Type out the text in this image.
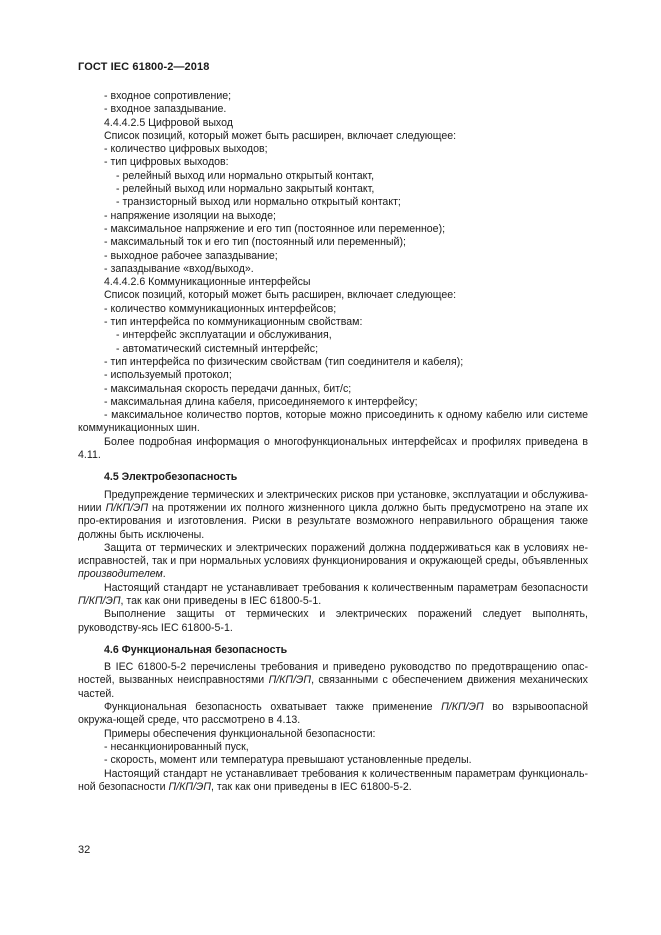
ГОСТ IEC 61800-2—2018

- входное сопротивление;

- входное запаздывание.

4.4.4.2.5 Цифровой выход

Список позиций, который может быть расширен, включает следующее:

- количество цифровых выходов;

- тип цифровых выходов:

- релейный выход или нормально открытый контакт,

- релейный выход или нормально закрытый контакт,

- транзисторный выход или нормально открытый контакт;

- напряжение изоляции на выходе;

- максимальное напряжение и его тип (постоянное или переменное);

- максимальный ток и его тип (постоянный или переменный);

- выходное рабочее запаздывание;

- запаздывание «вход/выход».

4.4.4.2.6 Коммуникационные интерфейсы

Список позиций, который может быть расширен, включает следующее:

- количество коммуникационных интерфейсов;

- тип интерфейса по коммуникационным свойствам:

- интерфейс эксплуатации и обслуживания,

- автоматический системный интерфейс;

- тип интерфейса по физическим свойствам (тип соединителя и кабеля);

- используемый протокол;

- максимальная скорость передачи данных, бит/с;

- максимальная длина кабеля, присоединяемого к интерфейсу;

- максимальное количество портов, которые можно присоединить к одному кабелю или системе коммуникационных шин.

Более подробная информация о многофункциональных интерфейсах и профилях приведена в 4.11.

4.5 Электробезопасность

Предупреждение термических и электрических рисков при установке, эксплуатации и обслужива-ниии П/КП/ЭП на протяжении их полного жизненного цикла должно быть предусмотрено на этапе их про-ектирования и изготовления. Риски в результате возможного неправильного обращения также должны быть исключены.

Защита от термических и электрических поражений должна поддерживаться как в условиях не-исправностей, так и при нормальных условиях функционирования и окружающей среды, объявленных производителем.

Настоящий стандарт не устанавливает требования к количественным параметрам безопасности П/КП/ЭП, так как они приведены в IEC 61800-5-1.

Выполнение защиты от термических и электрических поражений следует выполнять, руководству-ясь IEC 61800-5-1.

4.6 Функциональная безопасность

В IEC 61800-5-2 перечислены требования и приведено руководство по предотвращению опас-ностей, вызванных неисправностями П/КП/ЭП, связанными с обеспечением движения механических частей.

Функциональная безопасность охватывает также применение П/КП/ЭП во взрывоопасной окружа-ющей среде, что рассмотрено в 4.13.

Примеры обеспечения функциональной безопасности:

- несанкционированный пуск,

- скорость, момент или температура превышают установленные пределы.

Настоящий стандарт не устанавливает требования к количественным параметрам функциональ-ной безопасности П/КП/ЭП, так как они приведены в IEC 61800-5-2.

32
